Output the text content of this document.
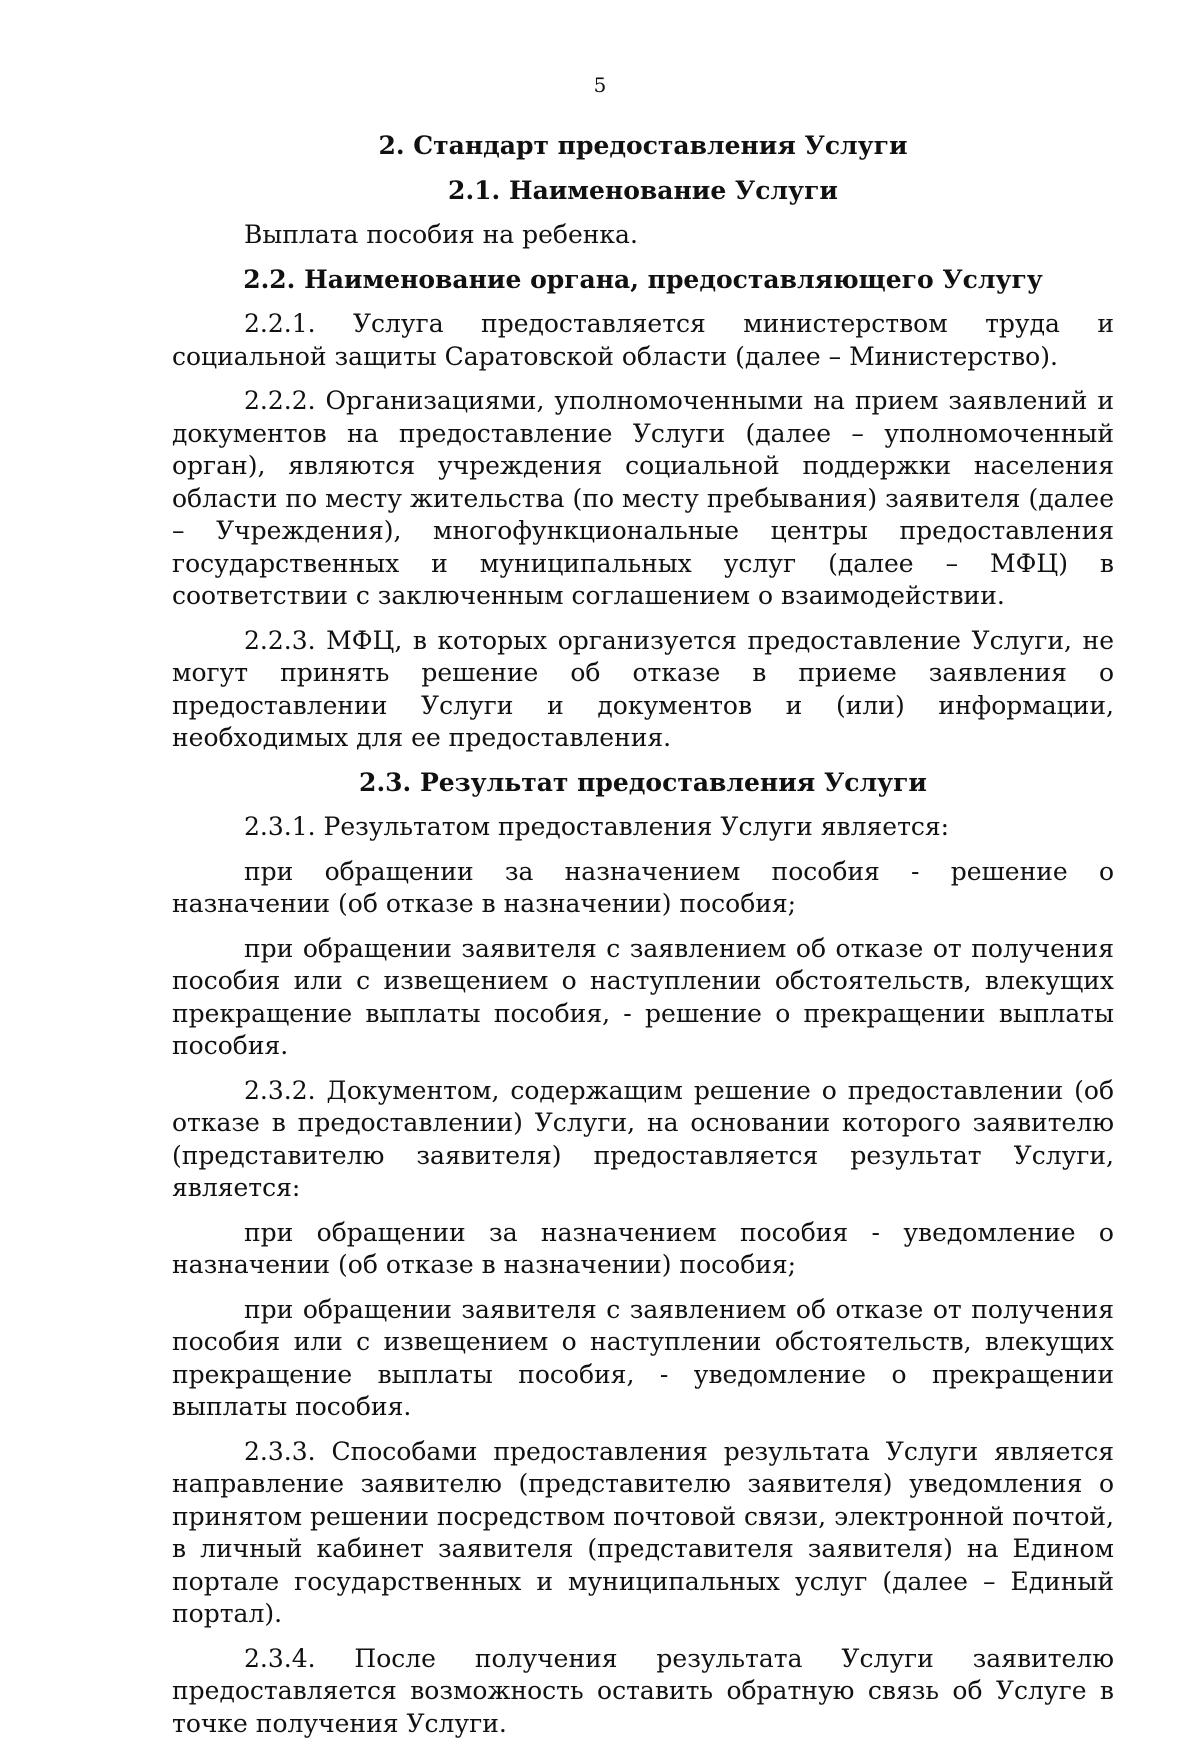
5
2. Стандарт предоставления Услуги
2.1. Наименование Услуги

Выплата пособия на ребенка.

2.2. Наименование органа, предоставляющего Услугу

2.2.1. Услуга предоставляется министерством труда и социальной защиты Саратовской области (далее – Министерство).

2.2.2. Организациями, уполномоченными на прием заявлений и документов на предоставление Услуги (далее – уполномоченный орган), являются учреждения социальной поддержки населения области по месту жительства (по месту пребывания) заявителя (далее – Учреждения), многофункциональные центры предоставления государственных и муниципальных услуг (далее – МФЦ) в соответствии с заключенным соглашением о взаимодействии.

2.2.3. МФЦ, в которых организуется предоставление Услуги, не могут принять решение об отказе в приеме заявления о предоставлении Услуги и документов и (или) информации, необходимых для ее предоставления.

2.3. Результат предоставления Услуги

2.3.1. Результатом предоставления Услуги является:

при обращении за назначением пособия - решение о назначении (об отказе в назначении) пособия;

при обращении заявителя с заявлением об отказе от получения пособия или с извещением о наступлении обстоятельств, влекущих прекращение выплаты пособия, - решение о прекращении выплаты пособия.

2.3.2. Документом, содержащим решение о предоставлении (об отказе в предоставлении) Услуги, на основании которого заявителю (представителю заявителя) предоставляется результат Услуги, является:

при обращении за назначением пособия - уведомление о назначении (об отказе в назначении) пособия;

при обращении заявителя с заявлением об отказе от получения пособия или с извещением о наступлении обстоятельств, влекущих прекращение выплаты пособия, - уведомление о прекращении выплаты пособия.

2.3.3. Способами предоставления результата Услуги является направление заявителю (представителю заявителя) уведомления о принятом решении посредством почтовой связи, электронной почтой, в личный кабинет заявителя (представителя заявителя) на Едином портале государственных и муниципальных услуг (далее – Единый портал).

2.3.4. После получения результата Услуги заявителю предоставляется возможность оставить обратную связь об Услуге в точке получения Услуги.
